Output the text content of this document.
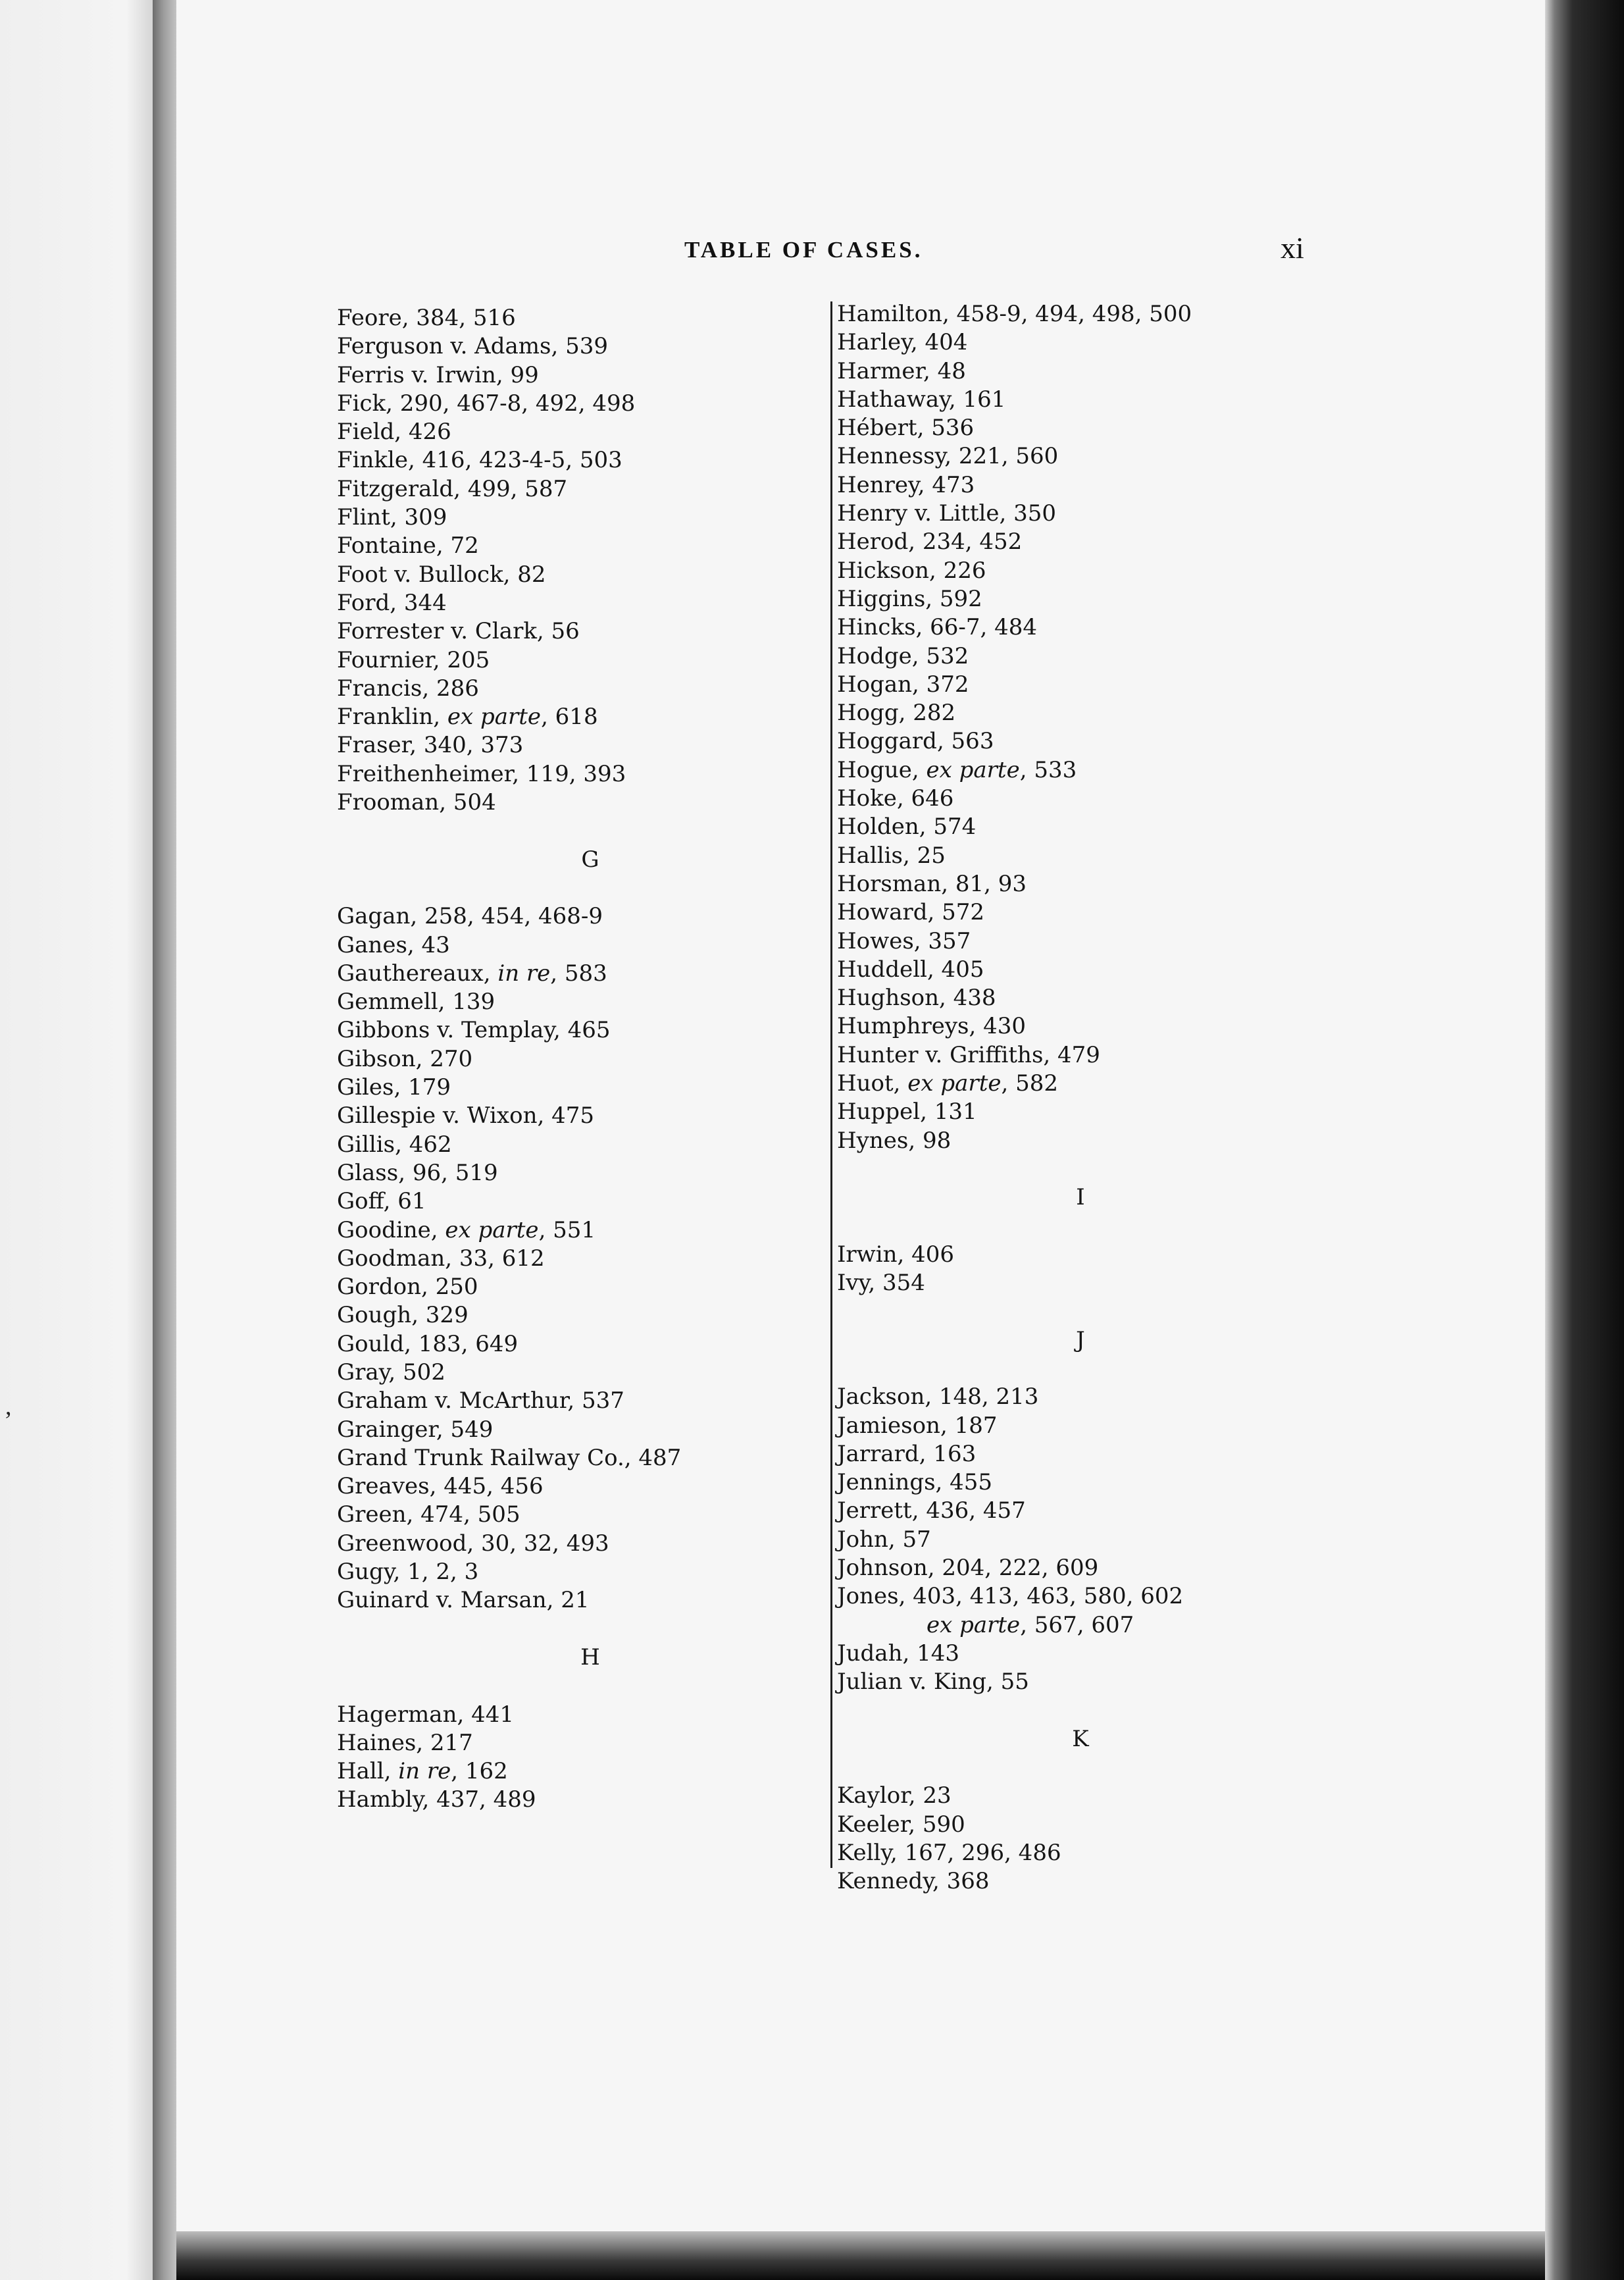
,
TABLE OF CASES.	xi
Feore, 384, 516
Ferguson v. Adams, 539
Ferris v. Irwin, 99
Fick, 290, 467-8, 492, 498
Field, 426
Finkle, 416, 423-4-5, 503
Fitzgerald, 499, 587
Flint, 309
Fontaine, 72
Foot v. Bullock, 82
Ford, 344
Forrester v. Clark, 56
Fournier, 205
Francis, 286
Franklin, ex parte, 618
Fraser, 340, 373
Freithenheimer, 119, 393
Frooman, 504
G
Gagan, 258, 454, 468-9
Ganes, 43
Gauthereaux, in re, 583
Gemmell, 139
Gibbons v. Templay, 465
Gibson, 270
Giles, 179
Gillespie v. Wixon, 475
Gillis, 462
Glass, 96, 519
Goff, 61
Goodine, ex parte, 551
Goodman, 33, 612
Gordon, 250
Gough, 329
Gould, 183, 649
Gray, 502
Graham v. McArthur, 537
Grainger, 549
Grand Trunk Railway Co., 487
Greaves, 445, 456
Green, 474, 505
Greenwood, 30, 32, 493
Gugy, 1, 2, 3
Guinard v. Marsan, 21
H
Hagerman, 441
Haines, 217
Hall, in re, 162
Hambly, 437, 489
Hamilton, 458-9, 494, 498, 500
Harley, 404
Harmer, 48
Hathaway, 161
Hébert, 536
Hennessy, 221, 560
Henrey, 473
Henry v. Little, 350
Herod, 234, 452
Hickson, 226
Higgins, 592
Hincks, 66-7, 484
Hodge, 532
Hogan, 372
Hogg, 282
Hoggard, 563
Hogue, ex parte, 533
Hoke, 646
Holden, 574
Hallis, 25
Horsman, 81, 93
Howard, 572
Howes, 357
Huddell, 405
Hughson, 438
Humphreys, 430
Hunter v. Griffiths, 479
Huot, ex parte, 582
Huppel, 131
Hynes, 98
I
Irwin, 406
Ivy, 354
J
Jackson, 148, 213
Jamieson, 187
Jarrard, 163
Jennings, 455
Jerrett, 436, 457
John, 57
Johnson, 204, 222, 609
Jones, 403, 413, 463, 580, 602
ex parte, 567, 607
Judah, 143
Julian v. King, 55
K
Kaylor, 23
Keeler, 590
Kelly, 167, 296, 486
Kennedy, 368
